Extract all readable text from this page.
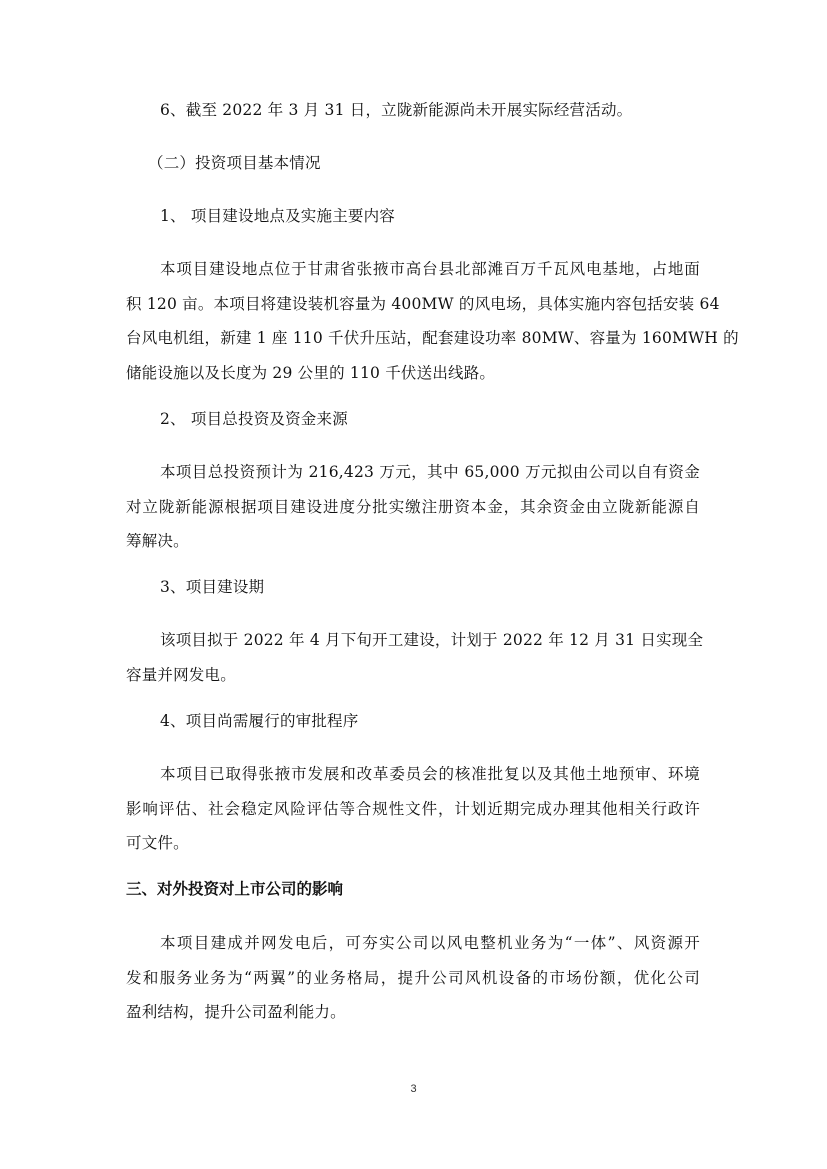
6、截至 2022 年 3 月 31 日，立陇新能源尚未开展实际经营活动。
（二）投资项目基本情况
1、 项目建设地点及实施主要内容
本项目建设地点位于甘肃省张掖市高台县北部滩百万千瓦风电基地，占地面
积 120 亩。本项目将建设装机容量为 400MW 的风电场，具体实施内容包括安装 64
台风电机组，新建 1 座 110 千伏升压站，配套建设功率 80MW、容量为 160MWH 的
储能设施以及长度为 29 公里的 110 千伏送出线路。
2、 项目总投资及资金来源
本项目总投资预计为 216,423 万元，其中 65,000 万元拟由公司以自有资金
对立陇新能源根据项目建设进度分批实缴注册资本金，其余资金由立陇新能源自
筹解决。
3、项目建设期
该项目拟于 2022 年 4 月下旬开工建设，计划于 2022 年 12 月 31 日实现全
容量并网发电。
4、项目尚需履行的审批程序
本项目已取得张掖市发展和改革委员会的核准批复以及其他土地预审、环境
影响评估、社会稳定风险评估等合规性文件，计划近期完成办理其他相关行政许
可文件。
三、对外投资对上市公司的影响
本项目建成并网发电后，可夯实公司以风电整机业务为“一体”、风资源开
发和服务业务为“两翼”的业务格局，提升公司风机设备的市场份额，优化公司
盈利结构，提升公司盈利能力。
3
